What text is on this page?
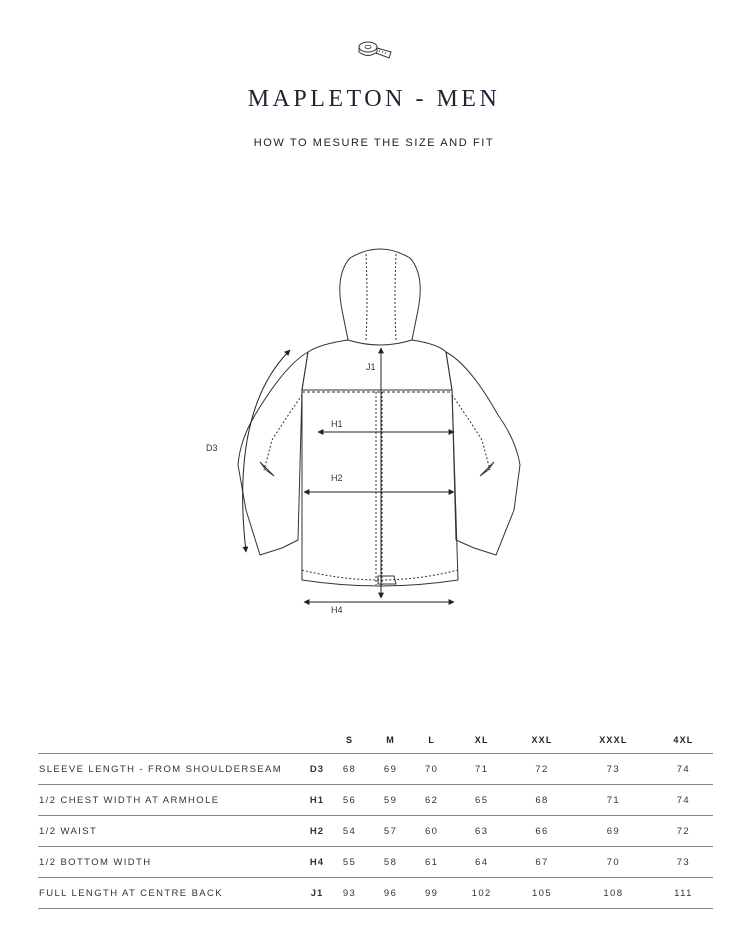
MAPLETON - MEN
HOW TO MESURE THE SIZE AND FIT
D3
J1
H1
H2
H4
		S	M	L	XL	XXL	XXXL	4XL
SLEEVE LENGTH - FROM SHOULDERSEAM	D3	68	69	70	71	72	73	74
1/2 CHEST WIDTH AT ARMHOLE	H1	56	59	62	65	68	71	74
1/2 WAIST	H2	54	57	60	63	66	69	72
1/2 BOTTOM WIDTH	H4	55	58	61	64	67	70	73
FULL LENGTH AT CENTRE BACK	J1	93	96	99	102	105	108	111
